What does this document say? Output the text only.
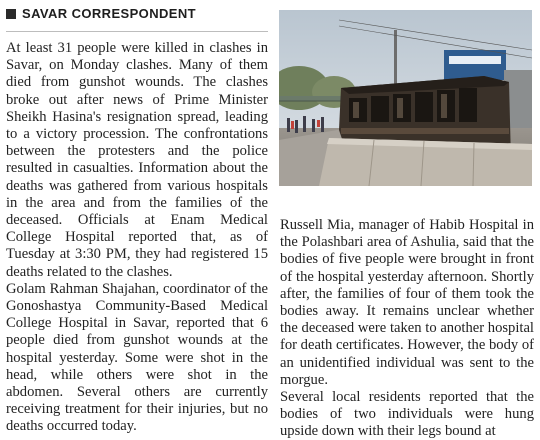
SAVAR CORRESPONDENT

At least 31 people were killed in clashes in Savar, on Monday clashes. Many of them died from gunshot wounds. The clashes broke out after news of Prime Minister Sheikh Hasina's resignation spread, leading to a victory procession. The confrontations between the protesters and the police resulted in casualties. Information about the deaths was gathered from various hospitals in the area and from the families of the deceased. Officials at Enam Medical College Hospital reported that, as of Tuesday at 3:30 PM, they had registered 15 deaths related to the clashes.

Golam Rahman Shajahan, coordinator of the Gonoshastya Community-Based Medical College Hospital in Savar, reported that 6 people died from gunshot wounds at the hospital yesterday. Some were shot in the head, while others were shot in the abdomen. Several others are currently receiving treatment for their injuries, but no deaths occurred today.

Russell Mia, manager of Habib Hospital in the Polashbari area of Ashulia, said that the bodies of five people were brought in front of the hospital yesterday afternoon. Shortly after, the families of four of them took the bodies away. It remains unclear whether the deceased were taken to another hospital for death certificates. However, the body of an unidentified individual was sent to the morgue.

Several local residents reported that the bodies of two individuals were hung upside down with their legs bound at
